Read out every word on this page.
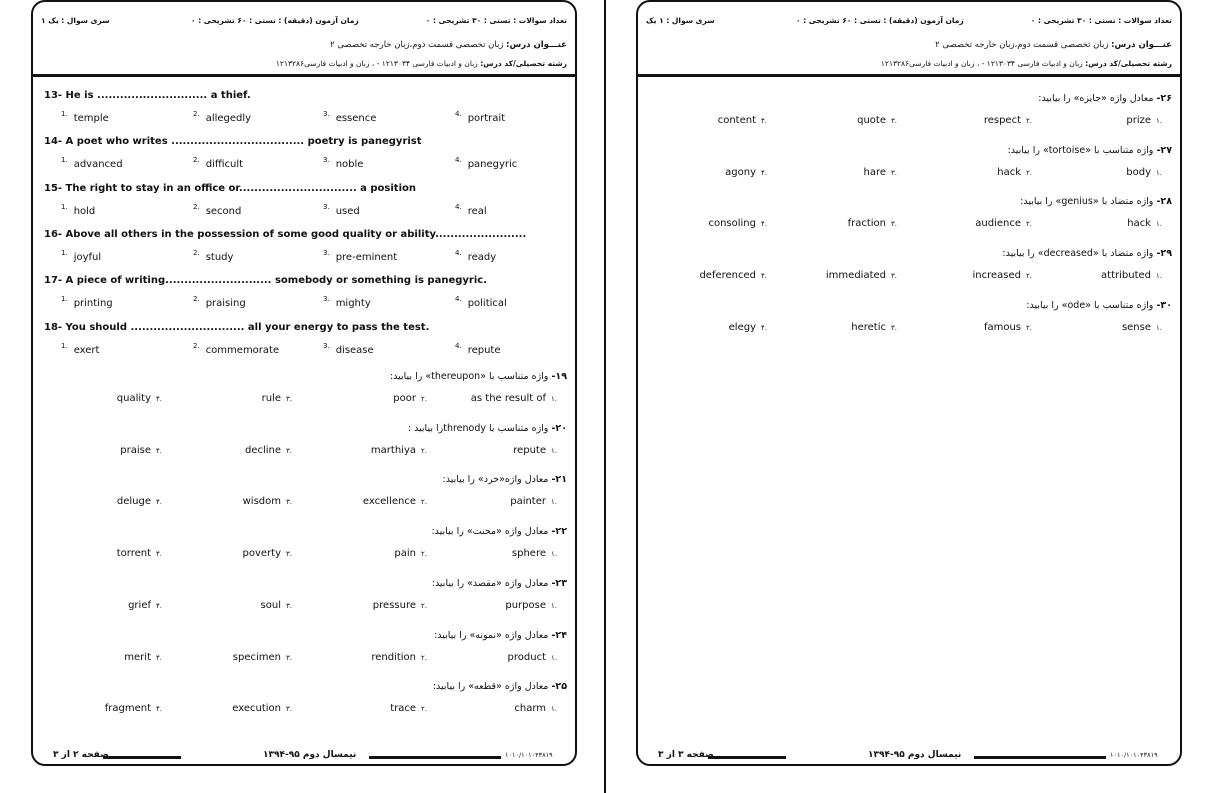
تعداد سوالات : تستی : ۳۰ تشریحی : ۰
زمان آزمون (دقیقه) : تستی : ۶۰ تشریحی : ۰
سری سوال : یک ۱
عنـــوان درس: زبان تخصصی قسمت دوم،زبان خارجه تخصصی ۲
رشته تحصیلی/کد درس: زبان و ادبیات فارسی ۱۲۱۳۰۳۴ - ، زبان و ادبیات فارسی۱۲۱۳۲۸۶
13- He is ............................. a thief.
$^{1.}$ temple	$^{2.}$ allegedly	$^{3.}$ essence	$^{4.}$ portrait
14- A poet who writes ................................... poetry is panegyrist
$^{1.}$ advanced	$^{2.}$ difficult	$^{3.}$ noble	$^{4.}$ panegyric
15- The right to stay in an office or............................... a position
$^{1.}$ hold	$^{2.}$ second	$^{3.}$ used	$^{4.}$ real
16- Above all others in the possession of some good quality or ability........................
$^{1.}$ joyful	$^{2.}$ study	$^{3.}$ pre-eminent	$^{4.}$ ready
17- A piece of writing............................ somebody or something is panegyric.
$^{1.}$ printing	$^{2.}$ praising	$^{3.}$ mighty	$^{4.}$ political
18- You should .............................. all your energy to pass the test.
$^{1.}$ exert	$^{2.}$ commemorate	$^{3.}$ disease	$^{4.}$ repute
۱۹- واژه متناسب با «thereupon» را بیابید:
as the result of ۱.
poor ۲.
rule ۳.
quality ۴.
۲۰- واژه متناسب با threnodyرا بیابید :
repute ۱.
marthiya ۲.
decline ۳.
praise ۴.
۲۱- معادل واژه«خرد» را بیابید:
painter ۱.
excellence ۲.
wisdom ۳.
deluge ۴.
۲۲- معادل واژه «محنت» را بیابید:
sphere ۱.
pain ۲.
poverty ۳.
torrent ۴.
۲۳- معادل واژه «مقصد» را بیابید:
purpose ۱.
pressure ۲.
soul ۳.
grief ۴.
۲۴- معادل واژه «نمونه» را بیابید:
product ۱.
rendition ۲.
specimen ۳.
merit ۴.
۲۵- معادل واژه «قطعه» را بیابید:
charm ۱.
trace ۲.
execution ۳.
fragment ۴.
صفحه ۲ از ۳	نیمسال دوم ۹۵-۱۳۹۴	۱۰۱۰/۱۰۱۰۴۳۸۱۹
تعداد سوالات : تستی : ۳۰ تشریحی : ۰
زمان آزمون (دقیقه) : تستی : ۶۰ تشریحی : ۰
سری سوال : ۱ یک
عنـــوان درس: زبان تخصصی قسمت دوم،زبان خارجه تخصصی ۲
رشته تحصیلی/کد درس: زبان و ادبیات فارسی ۱۲۱۳۰۳۴ - ، زبان و ادبیات فارسی۱۲۱۳۲۸۶
۲۶- معادل واژه «جایزه» را بیابید:
prize ۱.
respect ۲.
quote ۳.
content ۴.
۲۷- واژه متناسب با «tortoise» را بیابید:
body ۱.
hack ۲.
hare ۳.
agony ۴.
۲۸- واژه متضاد با «genius» را بیابید:
hack ۱.
audience ۲.
fraction ۳.
consoling ۴.
۲۹- واژه متضاد با «decreased» را بیابید:
attributed ۱.
increased ۲.
immediated ۳.
deferenced ۴.
۳۰- واژه متناسب با «ode» را بیابید:
sense ۱.
famous ۲.
heretic ۳.
elegy ۴.
صفحه ۳ از ۳	نیمسال دوم ۹۵-۱۳۹۴	۱۰۱۰/۱۰۱۰۴۳۸۱۹
